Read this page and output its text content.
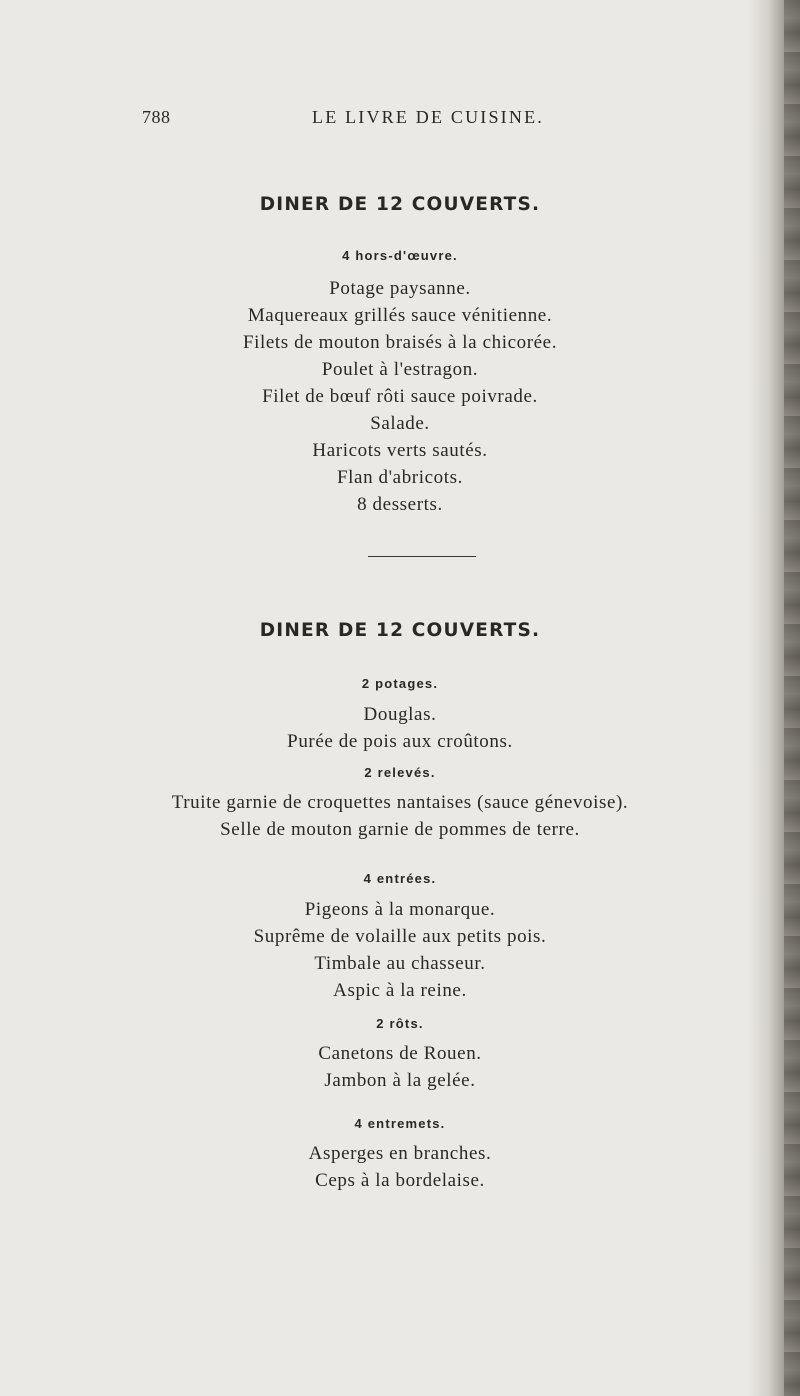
788	LE LIVRE DE CUISINE.
DINER DE 12 COUVERTS.
4 hors-d'œuvre.
Potage paysanne.
Maquereaux grillés sauce vénitienne.
Filets de mouton braisés à la chicorée.
Poulet à l'estragon.
Filet de bœuf rôti sauce poivrade.
Salade.
Haricots verts sautés.
Flan d'abricots.
8 desserts.
DINER DE 12 COUVERTS.
2 potages.
Douglas.
Purée de pois aux croûtons.
2 relevés.
Truite garnie de croquettes nantaises (sauce génevoise).
Selle de mouton garnie de pommes de terre.
4 entrées.
Pigeons à la monarque.
Suprême de volaille aux petits pois.
Timbale au chasseur.
Aspic à la reine.
2 rôts.
Canetons de Rouen.
Jambon à la gelée.
4 entremets.
Asperges en branches.
Ceps à la bordelaise.
